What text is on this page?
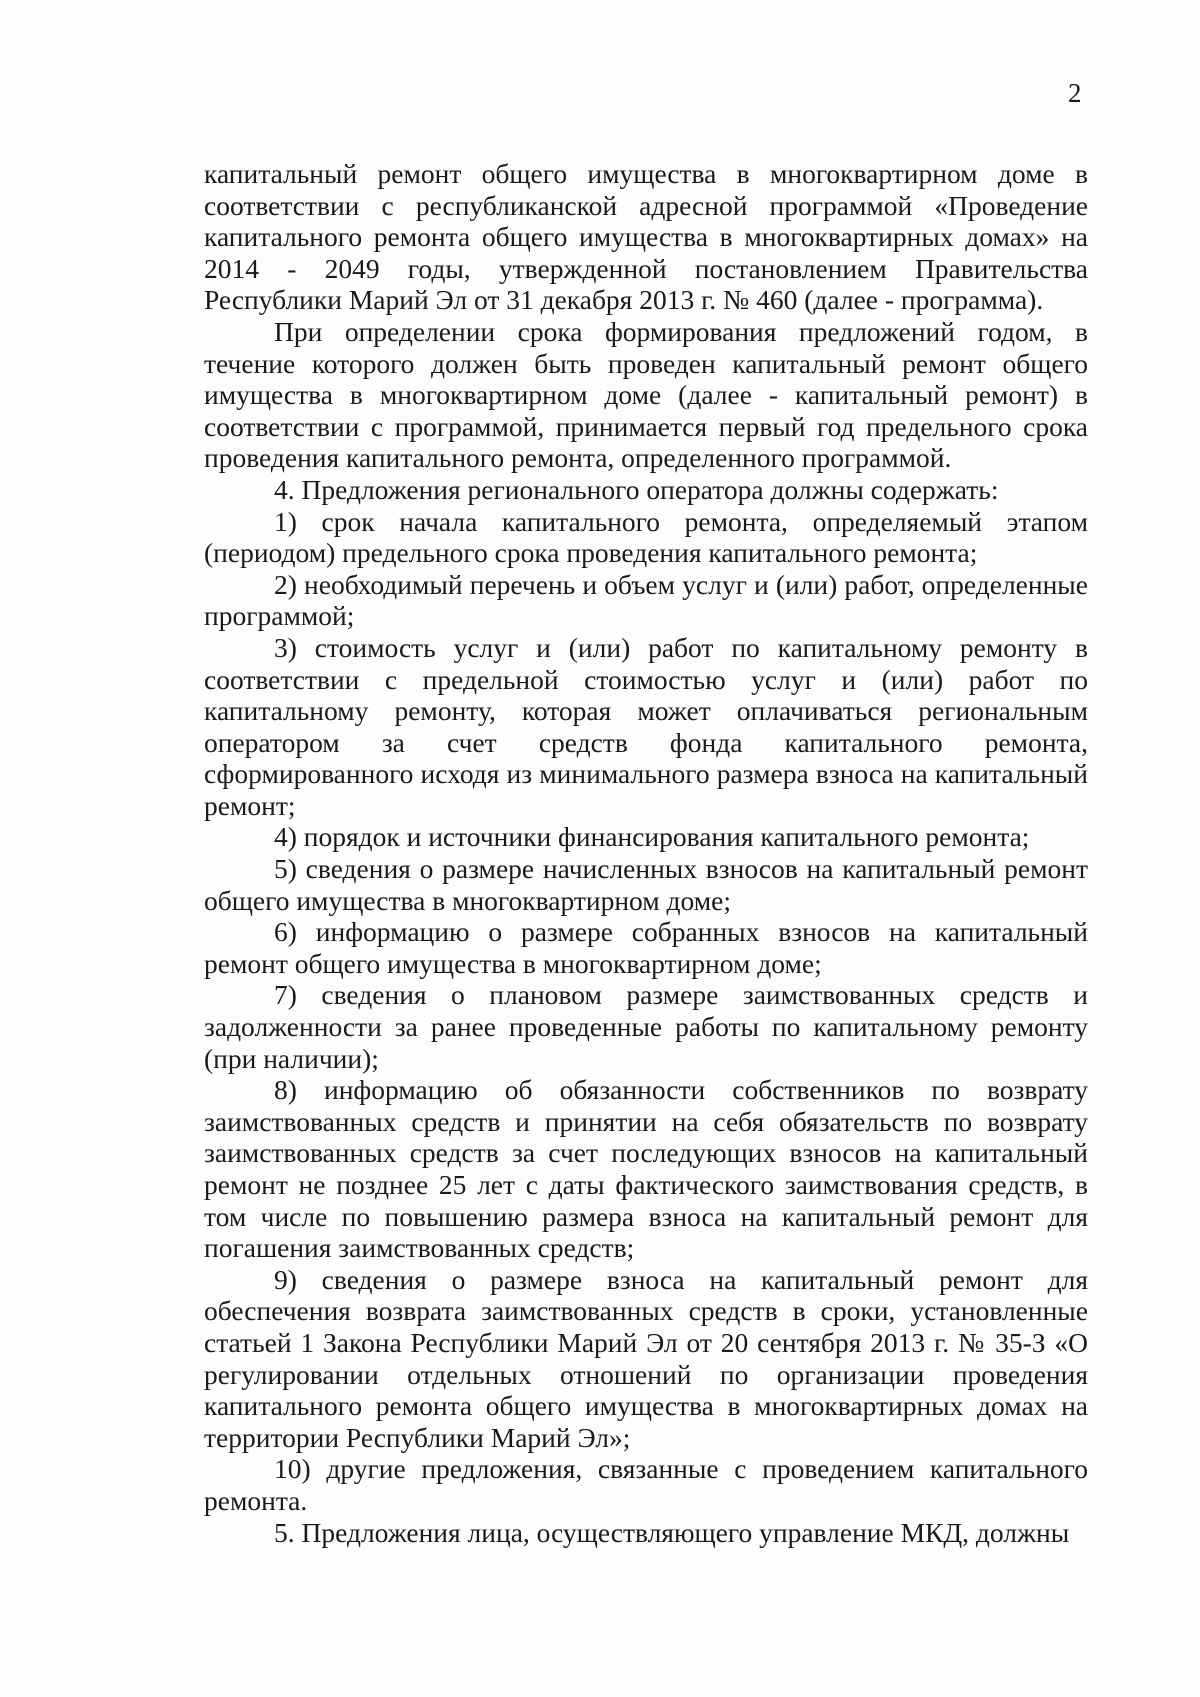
2

капитальный ремонт общего имущества в многоквартирном доме в соответствии с республиканской адресной программой «Проведение капитального ремонта общего имущества в многоквартирных домах» на 2014 - 2049 годы, утвержденной постановлением Правительства Республики Марий Эл от 31 декабря 2013 г. № 460 (далее - программа).

При определении срока формирования предложений годом, в течение которого должен быть проведен капитальный ремонт общего имущества в многоквартирном доме (далее - капитальный ремонт) в соответствии с программой, принимается первый год предельного срока проведения капитального ремонта, определенного программой.

4. Предложения регионального оператора должны содержать:

1) срок начала капитального ремонта, определяемый этапом (периодом) предельного срока проведения капитального ремонта;

2) необходимый перечень и объем услуг и (или) работ, определенные программой;

3) стоимость услуг и (или) работ по капитальному ремонту в соответствии с предельной стоимостью услуг и (или) работ по капитальному ремонту, которая может оплачиваться региональным оператором за счет средств фонда капитального ремонта, сформированного исходя из минимального размера взноса на капитальный ремонт;

4) порядок и источники финансирования капитального ремонта;

5) сведения о размере начисленных взносов на капитальный ремонт общего имущества в многоквартирном доме;

6) информацию о размере собранных взносов на капитальный ремонт общего имущества в многоквартирном доме;

7) сведения о плановом размере заимствованных средств и задолженности за ранее проведенные работы по капитальному ремонту (при наличии);

8) информацию об обязанности собственников по возврату заимствованных средств и принятии на себя обязательств по возврату заимствованных средств за счет последующих взносов на капитальный ремонт не позднее 25 лет с даты фактического заимствования средств, в том числе по повышению размера взноса на капитальный ремонт для погашения заимствованных средств;

9) сведения о размере взноса на капитальный ремонт для обеспечения возврата заимствованных средств в сроки, установленные статьей 1 Закона Республики Марий Эл от 20 сентября 2013 г. № 35-З «О регулировании отдельных отношений по организации проведения капитального ремонта общего имущества в многоквартирных домах на территории Республики Марий Эл»;

10) другие предложения, связанные с проведением капитального ремонта.

5. Предложения лица, осуществляющего управление МКД, должны
